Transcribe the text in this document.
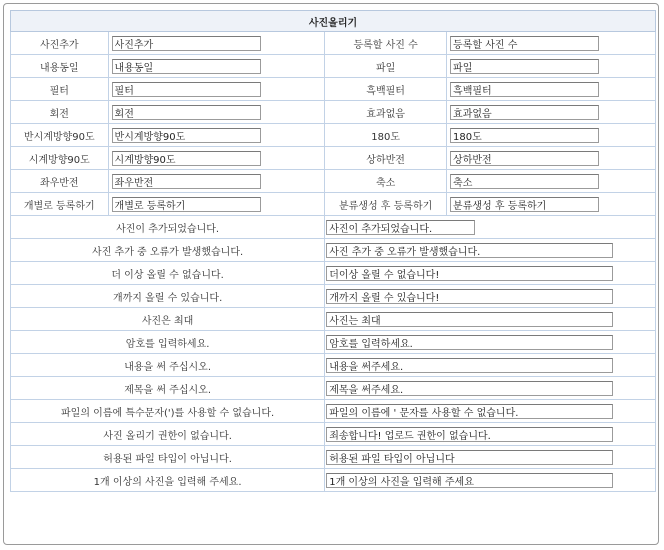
사진올리기			
사진추가	사진추가	등록할 사진 수	등록할 사진 수
내용동일	내용동일	파일	파일
필터	필터	흑백필터	흑백필터
회전	회전	효과없음	효과없음
반시계방향90도	반시계방향90도	180도	180도
시계방향90도	시계방향90도	상하반전	상하반전
좌우반전	좌우반전	축소	축소
개별로 등록하기	개별로 등록하기	분류생성 후 등록하기	분류생성 후 등록하기
사진이 추가되었습니다.	사진이 추가되었습니다.
사진 추가 중 오류가 발생했습니다.	사진 추가 중 오류가 발생했습니다.
더 이상 올릴 수 없습니다.	더이상 올릴 수 없습니다!
개까지 올릴 수 있습니다.	개까지 올릴 수 있습니다!
사진은 최대	사진는 최대
암호를 입력하세요.	암호를 입력하세요.
내용을 써 주십시오.	내용을 써주세요.
제목을 써 주십시오.	제목을 써주세요.
파일의 이름에 특수문자(')를 사용할 수 없습니다.	파일의 이름에 ' 문자를 사용할 수 없습니다.
사진 올리기 권한이 없습니다.	죄송합니다! 업로드 권한이 없습니다.
허용된 파일 타입이 아닙니다.	허용된 파일 타입이 아닙니다
1개 이상의 사진을 입력해 주세요.	1개 이상의 사진을 입력해 주세요
